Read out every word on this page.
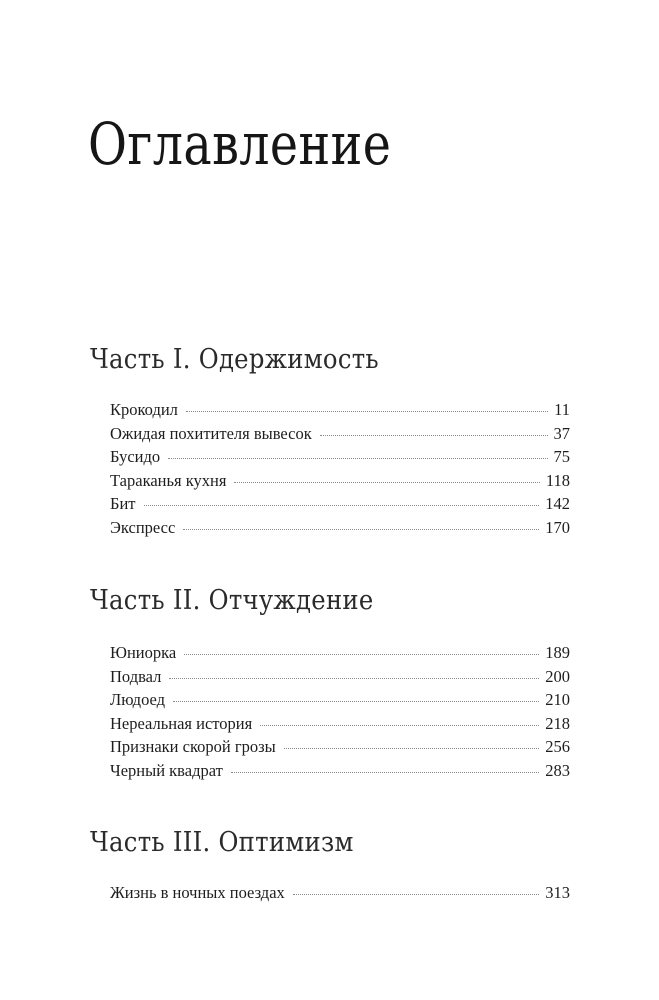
Оглавление
Часть I. Одержимость
Крокодил	11
Ожидая похитителя вывесок	37
Бусидо	75
Тараканья кухня	118
Бит	142
Экспресс	170
Часть II. Отчуждение
Юниорка	189
Подвал	200
Людоед	210
Нереальная история	218
Признаки скорой грозы	256
Черный квадрат	283
Часть III. Оптимизм
Жизнь в ночных поездах	313
